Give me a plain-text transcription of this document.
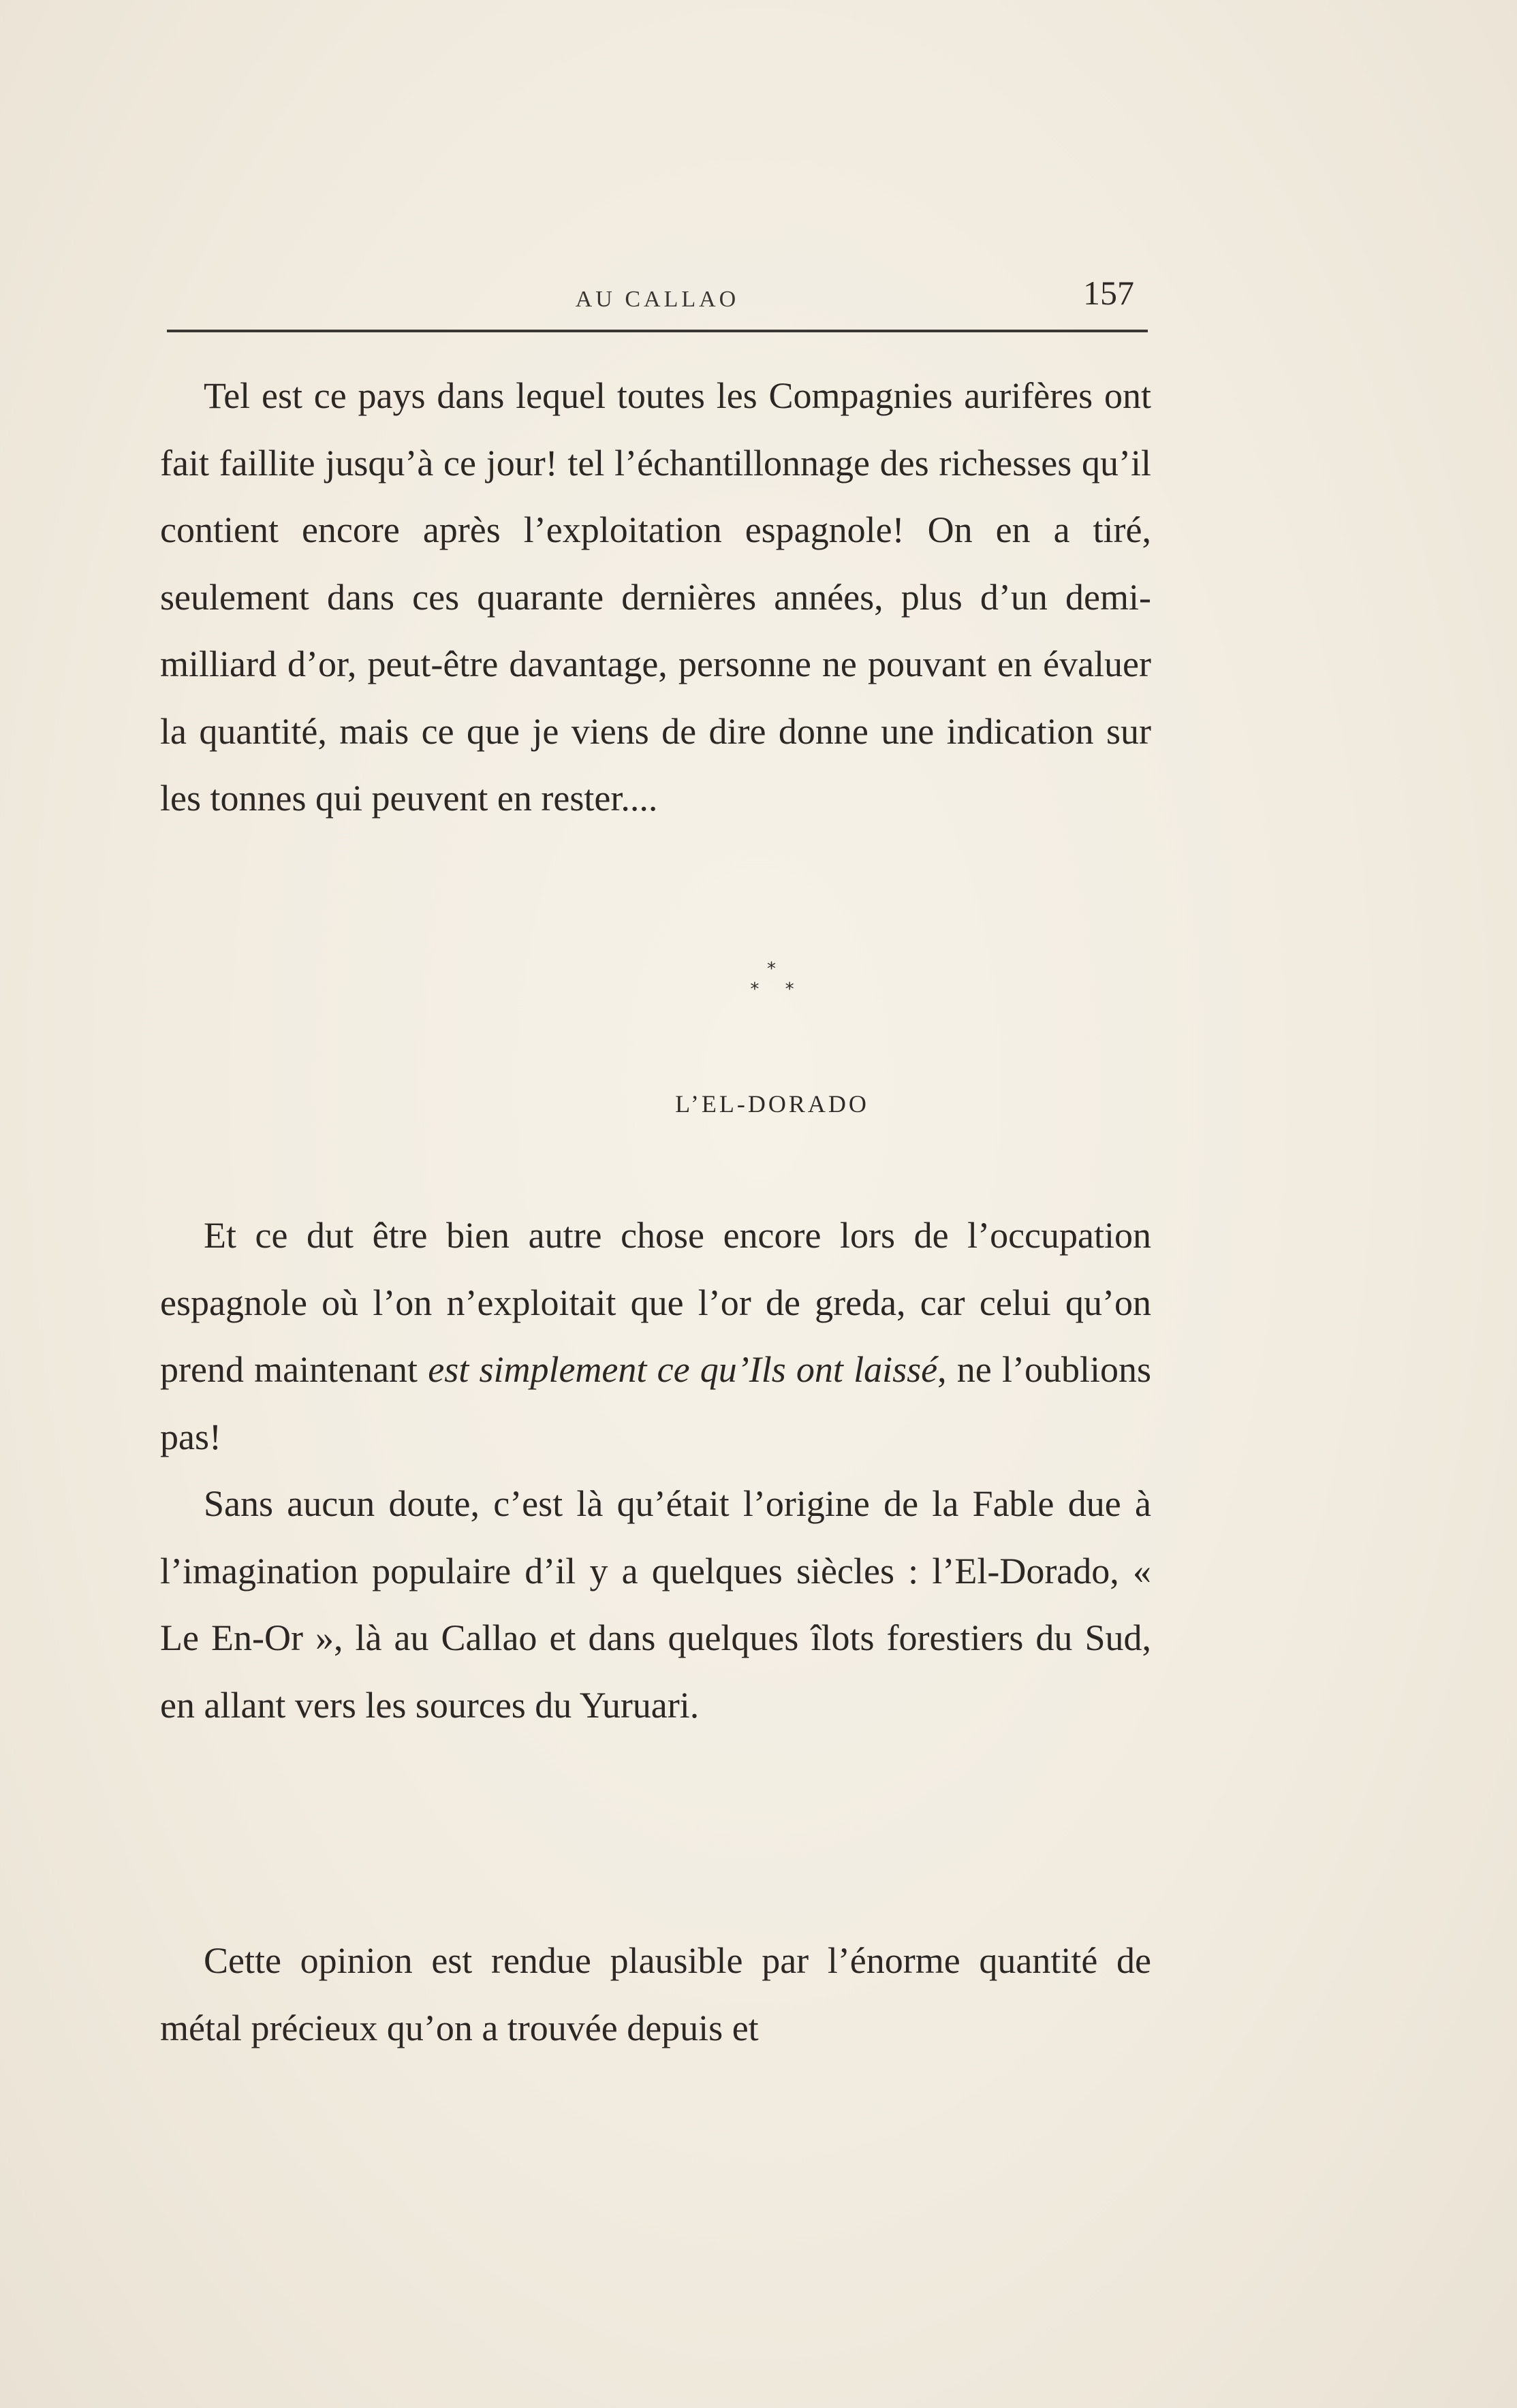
AU CALLAO	157

Tel est ce pays dans lequel toutes les Compagnies aurifères ont fait faillite jusqu’à ce jour! tel l’échantillonnage des richesses qu’il contient encore après l’exploitation espagnole! On en a tiré, seulement dans ces quarante dernières années, plus d’un demi-milliard d’or, peut-être davantage, personne ne pouvant en évaluer la quantité, mais ce que je viens de dire donne une indication sur les tonnes qui peuvent en rester....

*
* *
L’EL-DORADO

Et ce dut être bien autre chose encore lors de l’occupation espagnole où l’on n’exploitait que l’or de greda, car celui qu’on prend maintenant est simplement ce qu’Ils ont laissé, ne l’oublions pas!

Sans aucun doute, c’est là qu’était l’origine de la Fable due à l’imagination populaire d’il y a quelques siècles : l’El-Dorado, « Le En-Or », là au Callao et dans quelques îlots forestiers du Sud, en allant vers les sources du Yuruari.

Cette opinion est rendue plausible par l’énorme quantité de métal précieux qu’on a trouvée depuis et
